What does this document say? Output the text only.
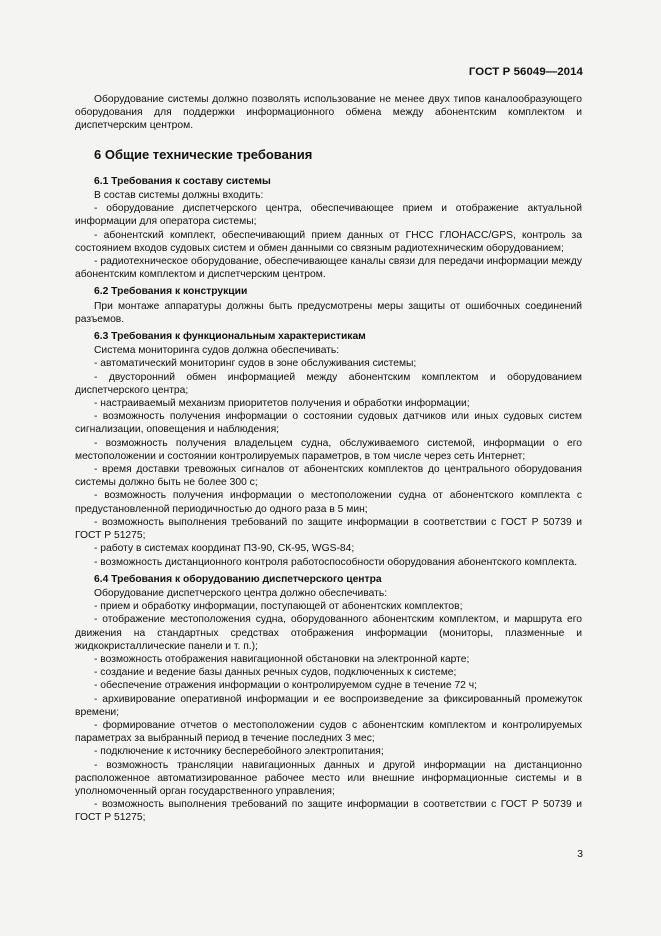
ГОСТ Р 56049—2014

Оборудование системы должно позволять использование не менее двух типов каналообразующего оборудования для поддержки информационного обмена между абонентским комплектом и диспетчерским центром.

6 Общие технические требования
6.1 Требования к составу системы

В состав системы должны входить:

- оборудование диспетчерского центра, обеспечивающее прием и отображение актуальной информации для оператора системы;

- абонентский комплект, обеспечивающий прием данных от ГНСС ГЛОНАСС/GPS, контроль за состоянием входов судовых систем и обмен данными со связным радиотехническим оборудованием;

- радиотехническое оборудование, обеспечивающее каналы связи для передачи информации между абонентским комплектом и диспетчерским центром.

6.2 Требования к конструкции

При монтаже аппаратуры должны быть предусмотрены меры защиты от ошибочных соединений разъемов.

6.3 Требования к функциональным характеристикам

Система мониторинга судов должна обеспечивать:

- автоматический мониторинг судов в зоне обслуживания системы;

- двусторонний обмен информацией между абонентским комплектом и оборудованием диспетчерского центра;

- настраиваемый механизм приоритетов получения и обработки информации;

- возможность получения информации о состоянии судовых датчиков или иных судовых систем сигнализации, оповещения и наблюдения;

- возможность получения владельцем судна, обслуживаемого системой, информации о его местоположении и состоянии контролируемых параметров, в том числе через сеть Интернет;

- время доставки тревожных сигналов от абонентских комплектов до центрального оборудования системы должно быть не более 300 с;

- возможность получения информации о местоположении судна от абонентского комплекта с предустановленной периодичностью до одного раза в 5 мин;

- возможность выполнения требований по защите информации в соответствии с ГОСТ Р 50739 и ГОСТ Р 51275;

- работу в системах координат ПЗ-90, СК-95, WGS-84;

- возможность дистанционного контроля работоспособности оборудования абонентского комплекта.

6.4 Требования к оборудованию диспетчерского центра

Оборудование диспетчерского центра должно обеспечивать:

- прием и обработку информации, поступающей от абонентских комплектов;

- отображение местоположения судна, оборудованного абонентским комплектом, и маршрута его движения на стандартных средствах отображения информации (мониторы, плазменные и жидкокристаллические панели и т. п.);

- возможность отображения навигационной обстановки на электронной карте;

- создание и ведение базы данных речных судов, подключенных к системе;

- обеспечение отражения информации о контролируемом судне в течение 72 ч;

- архивирование оперативной информации и ее воспроизведение за фиксированный промежуток времени;

- формирование отчетов о местоположении судов с абонентским комплектом и контролируемых параметрах за выбранный период в течение последних 3 мес;

- подключение к источнику бесперебойного электропитания;

- возможность трансляции навигационных данных и другой информации на дистанционно расположенное автоматизированное рабочее место или внешние информационные системы и в уполномоченный орган государственного управления;

- возможность выполнения требований по защите информации в соответствии с ГОСТ Р 50739 и ГОСТ Р 51275;

3
